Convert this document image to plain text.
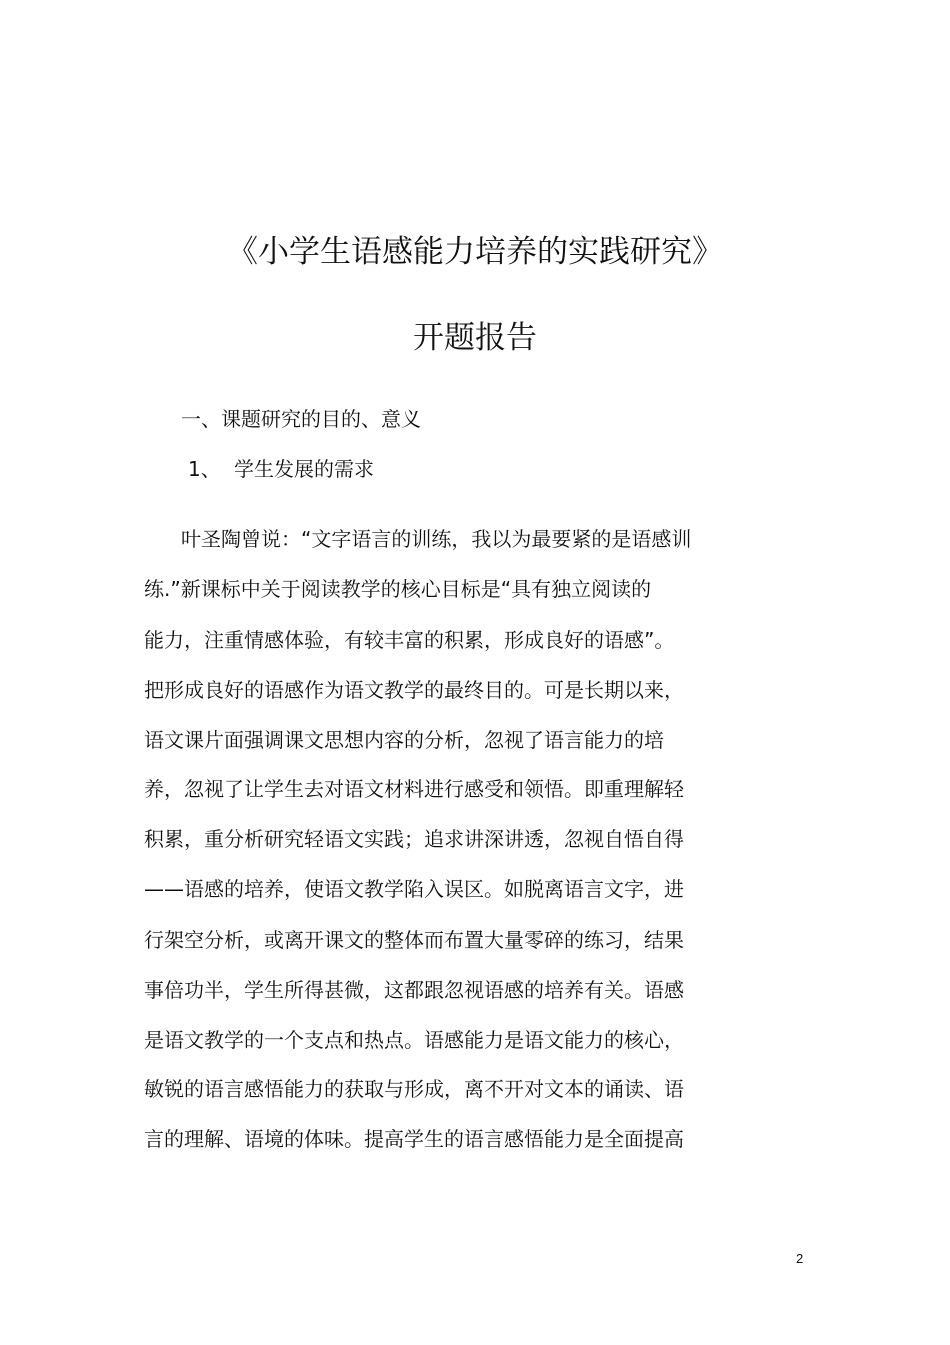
《小学生语感能力培养的实践研究》
开题报告
一、课题研究的目的、意义
1、 学生发展的需求

叶圣陶曾说：“文字语言的训练，我以为最要紧的是语感训

练.”新课标中关于阅读教学的核心目标是“具有独立阅读的

能力，注重情感体验，有较丰富的积累，形成良好的语感”。

把形成良好的语感作为语文教学的最终目的。可是长期以来，

语文课片面强调课文思想内容的分析，忽视了语言能力的培

养，忽视了让学生去对语文材料进行感受和领悟。即重理解轻

积累，重分析研究轻语文实践；追求讲深讲透，忽视自悟自得

——语感的培养，使语文教学陷入误区。如脱离语言文字，进

行架空分析，或离开课文的整体而布置大量零碎的练习，结果

事倍功半，学生所得甚微，这都跟忽视语感的培养有关。语感

是语文教学的一个支点和热点。语感能力是语文能力的核心，

敏锐的语言感悟能力的获取与形成，离不开对文本的诵读、语

言的理解、语境的体味。提高学生的语言感悟能力是全面提高

2
